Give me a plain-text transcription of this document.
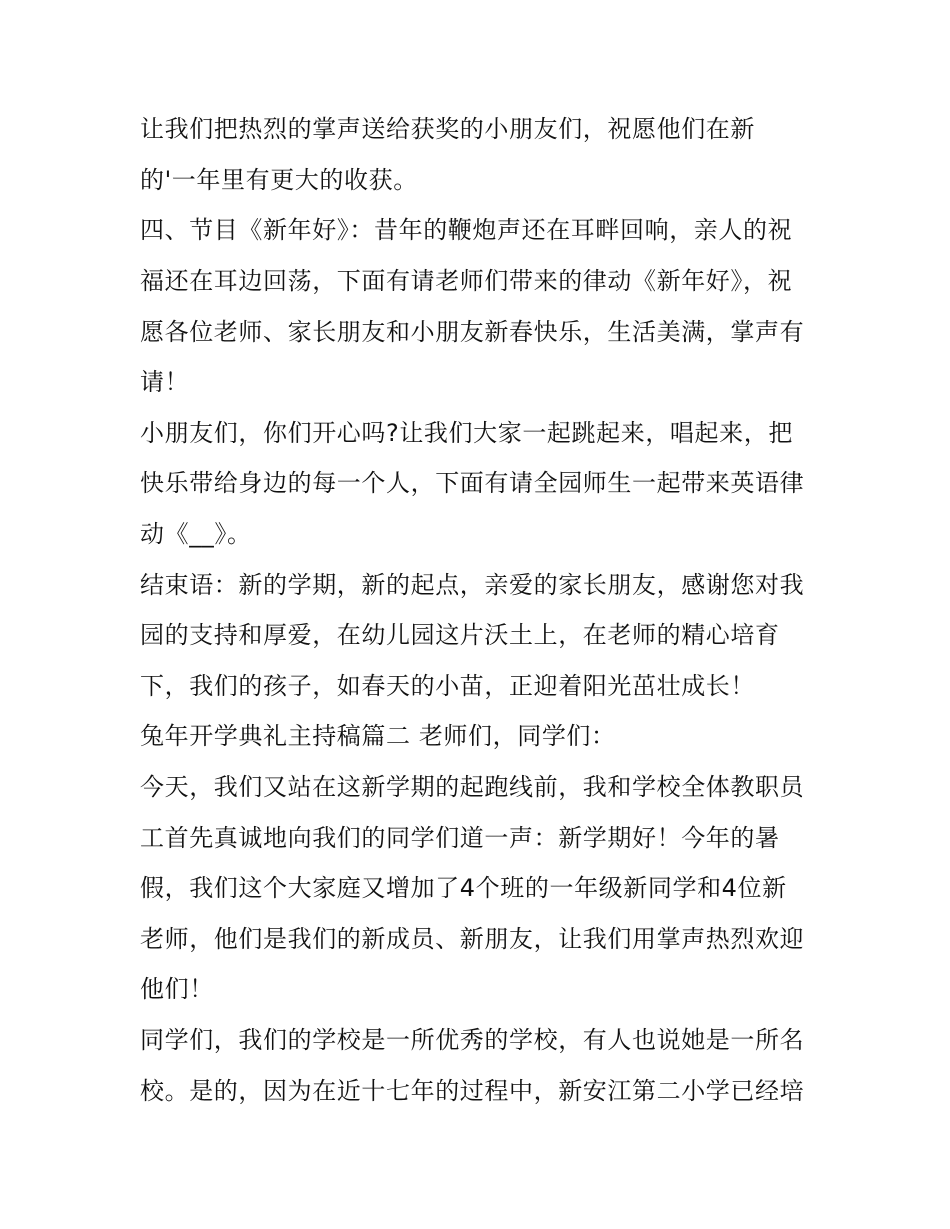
让我们把热烈的掌声送给获奖的小朋友们，祝愿他们在新
的'一年里有更大的收获。
四、节目《新年好》：昔年的鞭炮声还在耳畔回响，亲人的祝
福还在耳边回荡，下面有请老师们带来的律动《新年好》，祝
愿各位老师、家长朋友和小朋友新春快乐，生活美满，掌声有
请！
小朋友们，你们开心吗?让我们大家一起跳起来，唱起来，把
快乐带给身边的每一个人，下面有请全园师生一起带来英语律
动《__》。
结束语：新的学期，新的起点，亲爱的家长朋友，感谢您对我
园的支持和厚爱，在幼儿园这片沃土上，在老师的精心培育
下，我们的孩子，如春天的小苗，正迎着阳光茁壮成长！
兔年开学典礼主持稿篇二 老师们，同学们：
今天，我们又站在这新学期的起跑线前，我和学校全体教职员
工首先真诚地向我们的同学们道一声：新学期好！今年的暑
假，我们这个大家庭又增加了4个班的一年级新同学和4位新
老师，他们是我们的新成员、新朋友，让我们用掌声热烈欢迎
他们！
同学们，我们的学校是一所优秀的学校，有人也说她是一所名
校。是的，因为在近十七年的过程中，新安江第二小学已经培
